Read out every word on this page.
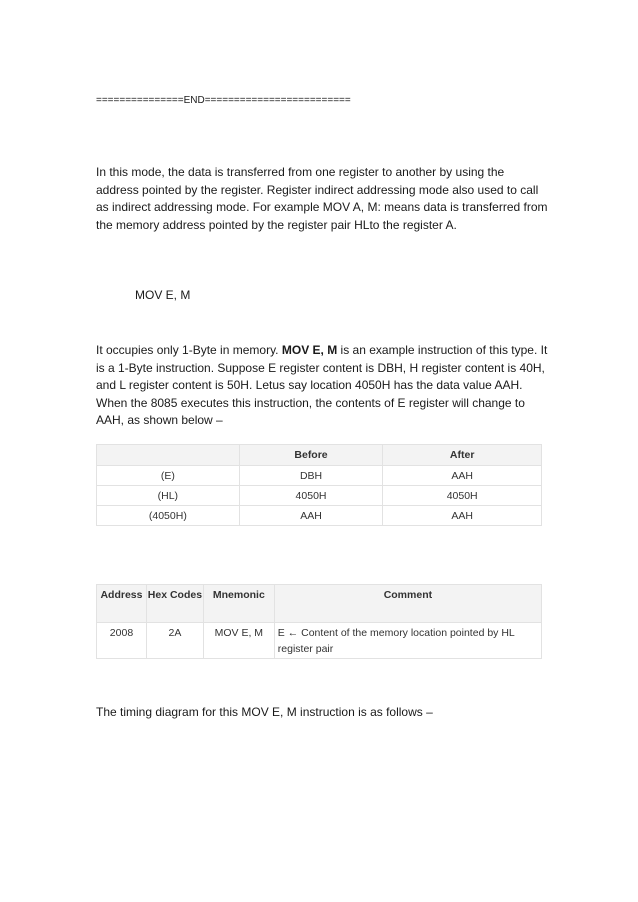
===============END=========================

In this mode, the data is transferred from one register to another by using the address pointed by the register. Register indirect addressing mode also used to call as indirect addressing mode. For example MOV A, M: means data is transferred from the memory address pointed by the register pair HLto the register A.

MOV E, M

It occupies only 1-Byte in memory. MOV E, M is an example instruction of this type. It is a 1-Byte instruction. Suppose E register content is DBH, H register content is 40H, and L register content is 50H. Letus say location 4050H has the data value AAH. When the 8085 executes this instruction, the contents of E register will change to AAH, as shown below –

	Before	After
(E)	DBH	AAH
(HL)	4050H	4050H
(4050H)	AAH	AAH
Address	Hex Codes	Mnemonic	Comment
2008	2A	MOV E, M	E ← Content of the memory location pointed by HL register pair

The timing diagram for this MOV E, M instruction is as follows –
